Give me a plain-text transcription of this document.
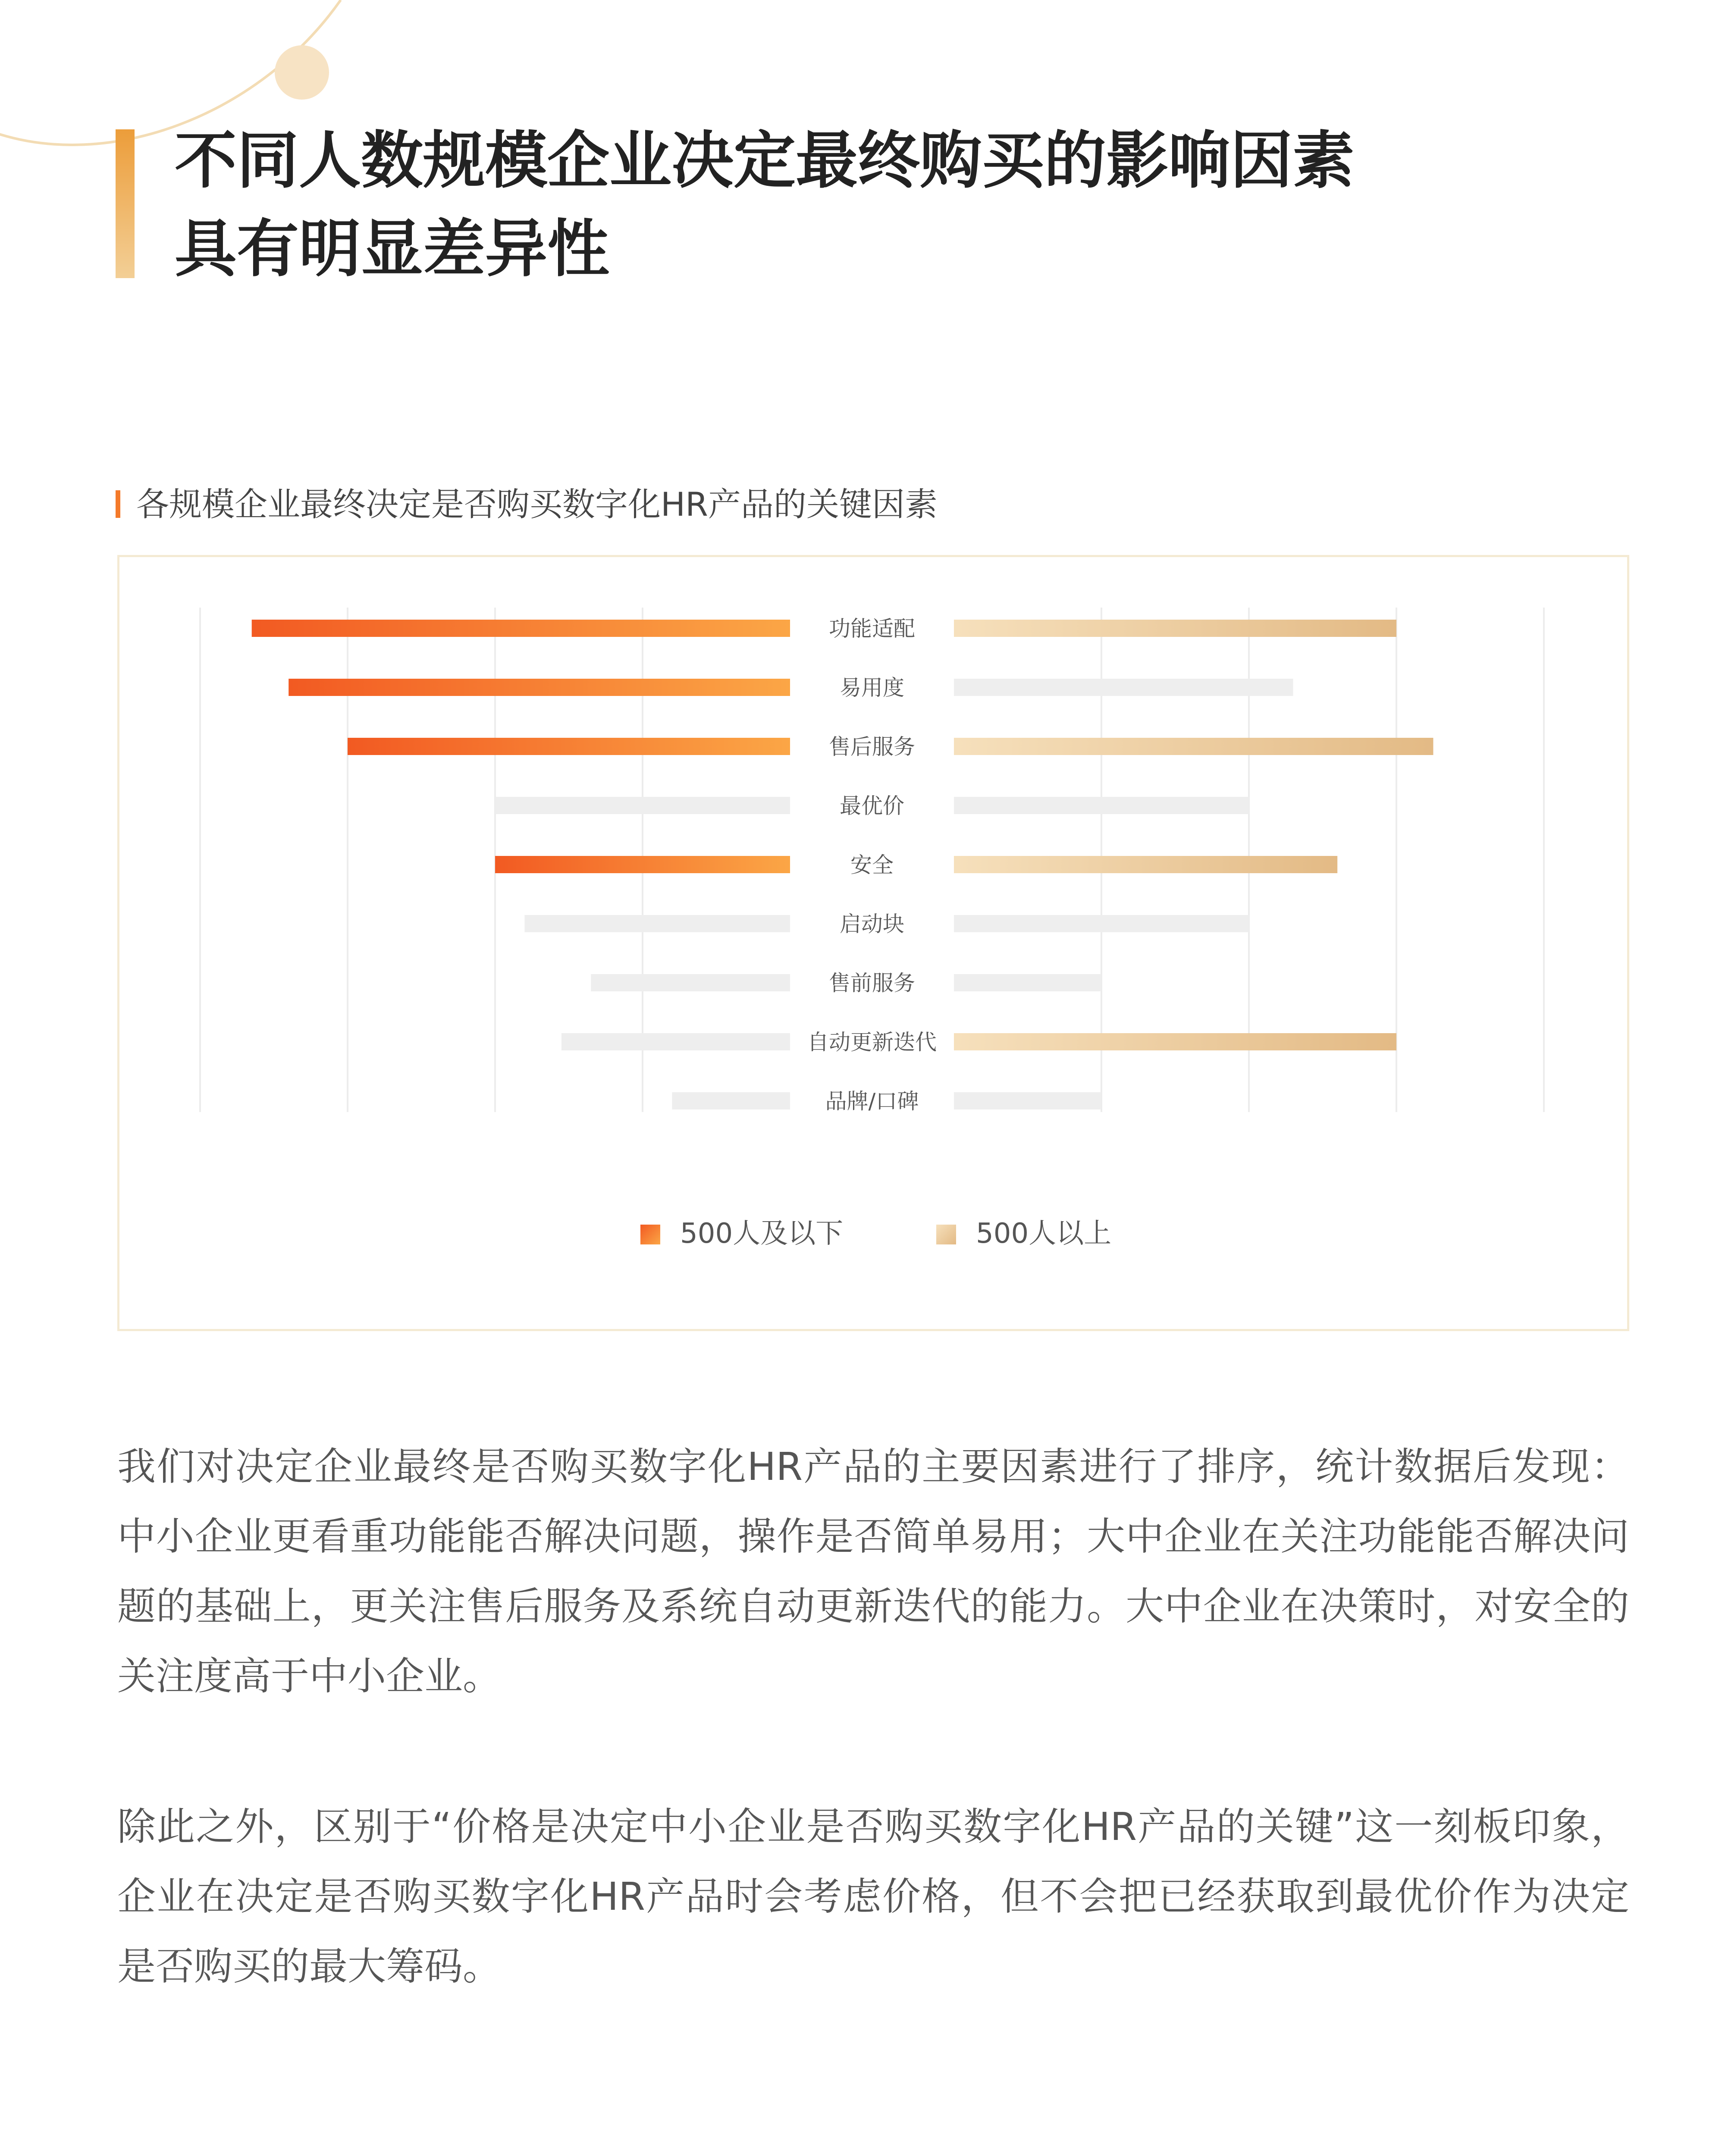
不同人数规模企业决定最终购买的影响因素
具有明显差异性
各规模企业最终决定是否购买数字化HR产品的关键因素
功能适配
易用度
售后服务
最优价
安全
启动块
售前服务
自动更新迭代
品牌/口碑
500人及以下	500人以上

我们对决定企业最终是否购买数字化HR产品的主要因素进行了排序，统计数据后发现：中小企业更看重功能能否解决问题，操作是否简单易用；大中企业在关注功能能否解决问题的基础上，更关注售后服务及系统自动更新迭代的能力。大中企业在决策时，对安全的关注度高于中小企业。

除此之外，区别于“价格是决定中小企业是否购买数字化HR产品的关键”这一刻板印象，企业在决定是否购买数字化HR产品时会考虑价格，但不会把已经获取到最优价作为决定是否购买的最大筹码。
